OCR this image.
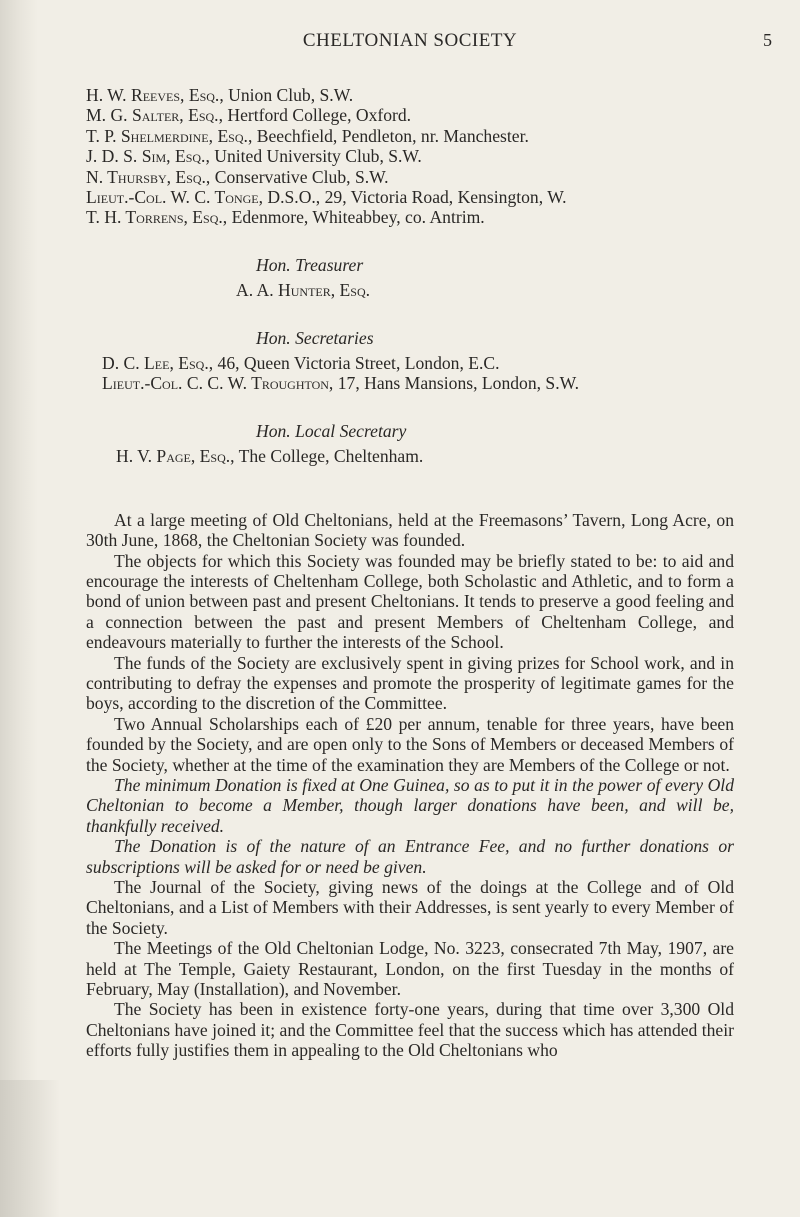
CHELTONIAN SOCIETY	5

H. W. Reeves, Esq., Union Club, S.W.

M. G. Salter, Esq., Hertford College, Oxford.

T. P. Shelmerdine, Esq., Beechfield, Pendleton, nr. Manchester.

J. D. S. Sim, Esq., United University Club, S.W.

N. Thursby, Esq., Conservative Club, S.W.

Lieut.-Col. W. C. Tonge, D.S.O., 29, Victoria Road, Kensington, W.

T. H. Torrens, Esq., Edenmore, Whiteabbey, co. Antrim.

Hon. Treasurer

A. A. Hunter, Esq.

Hon. Secretaries

D. C. Lee, Esq., 46, Queen Victoria Street, London, E.C.

Lieut.-Col. C. C. W. Troughton, 17, Hans Mansions, London, S.W.

Hon. Local Secretary

H. V. Page, Esq., The College, Cheltenham.

At a large meeting of Old Cheltonians, held at the Freemasons’ Tavern, Long Acre, on 30th June, 1868, the Cheltonian Society was founded.

The objects for which this Society was founded may be briefly stated to be: to aid and encourage the interests of Cheltenham College, both Scholastic and Athletic, and to form a bond of union between past and present Cheltonians. It tends to preserve a good feeling and a connection between the past and present Members of Cheltenham College, and endeavours materially to further the interests of the School.

The funds of the Society are exclusively spent in giving prizes for School work, and in contributing to defray the expenses and promote the prosperity of legitimate games for the boys, according to the discretion of the Committee.

Two Annual Scholarships each of £20 per annum, tenable for three years, have been founded by the Society, and are open only to the Sons of Members or deceased Members of the Society, whether at the time of the examination they are Members of the College or not.

The minimum Donation is fixed at One Guinea, so as to put it in the power of every Old Cheltonian to become a Member, though larger donations have been, and will be, thankfully received.

The Donation is of the nature of an Entrance Fee, and no further donations or subscriptions will be asked for or need be given.

The Journal of the Society, giving news of the doings at the College and of Old Cheltonians, and a List of Members with their Addresses, is sent yearly to every Member of the Society.

The Meetings of the Old Cheltonian Lodge, No. 3223, consecrated 7th May, 1907, are held at The Temple, Gaiety Restaurant, London, on the first Tuesday in the months of February, May (Installation), and November.

The Society has been in existence forty-one years, during that time over 3,300 Old Cheltonians have joined it; and the Committee feel that the success which has attended their efforts fully justifies them in appealing to the Old Cheltonians who
